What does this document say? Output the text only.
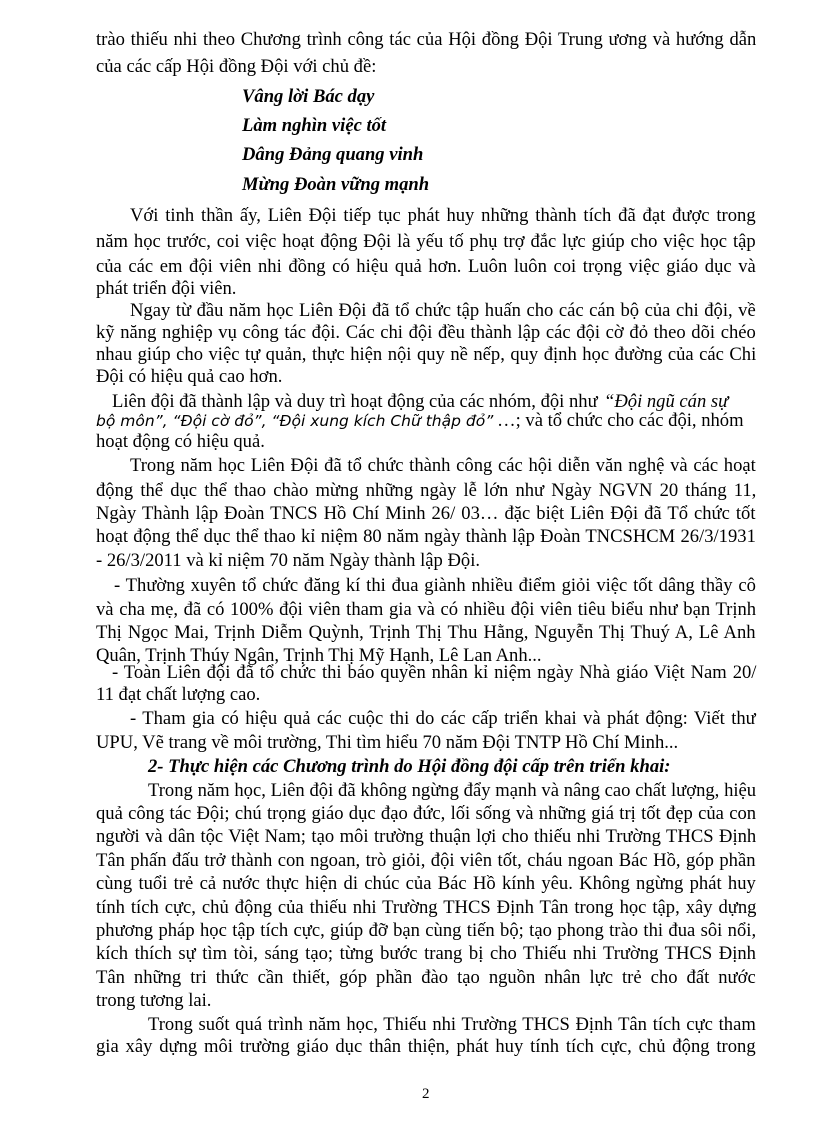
trào thiếu nhi theo Chương trình công tác của Hội đồng Đội Trung ương và hướng dẫn
của các cấp Hội đồng Đội với chủ đề:
Vâng lời Bác dạy
Làm nghìn việc tốt
Dâng Đảng quang vinh
Mừng Đoàn vững mạnh
Với tinh thần ấy, Liên Đội tiếp tục phát huy những thành tích đã đạt được trong
năm học trước, coi việc hoạt động Đội là yếu tố phụ trợ đắc lực giúp cho việc học tập
của các em đội viên nhi đồng có hiệu quả hơn. Luôn luôn coi trọng việc giáo dục và
phát triển đội viên.
Ngay từ đầu năm học Liên Đội đã tổ chức tập huấn cho các cán bộ của chi đội, về
kỹ năng nghiệp vụ công tác đội. Các chi đội đều thành lập các đội cờ đỏ theo dõi chéo
nhau giúp cho việc tự quản, thực hiện nội quy nề nếp, quy định học đường của các Chi
Đội có hiệu quả cao hơn.
hoạt động có hiệu quả.
Trong năm học Liên Đội đã tổ chức thành công các hội diễn văn nghệ và các hoạt
động thể dục thể thao chào mừng những ngày lễ lớn như Ngày NGVN 20 tháng 11,
Ngày Thành lập Đoàn TNCS Hồ Chí Minh 26/ 03… đặc biệt Liên Đội đã Tổ chức tốt
hoạt động thể dục thể thao kỉ niệm 80 năm ngày thành lập Đoàn TNCSHCM 26/3/1931
- 26/3/2011 và kỉ niệm 70 năm Ngày thành lập Đội.
- Thường xuyên tổ chức đăng kí thi đua giành nhiều điểm giỏi việc tốt dâng thầy cô
và cha mẹ, đã có 100% đội viên tham gia và có nhiều đội viên tiêu biểu như bạn Trịnh
Thị Ngọc Mai, Trịnh Diễm Quỳnh, Trịnh Thị Thu Hằng, Nguyễn Thị Thuý A, Lê Anh
Quân, Trịnh Thúy Ngân, Trịnh Thị Mỹ Hạnh, Lê Lan Anh...
- Toàn Liên đội đã tổ chức thi báo quyền nhân kỉ niệm ngày Nhà giáo Việt Nam 20/
11 đạt chất lượng cao.
- Tham gia có hiệu quả các cuộc thi do các cấp triển khai và phát động: Viết thư
UPU, Vẽ trang về môi trường, Thi tìm hiểu 70 năm Đội TNTP Hồ Chí Minh...
2- Thực hiện các Chương trình do Hội đồng đội cấp trên triển khai:
Trong năm học, Liên đội đã không ngừng đẩy mạnh và nâng cao chất lượng, hiệu
quả công tác Đội; chú trọng giáo dục đạo đức, lối sống và những giá trị tốt đẹp của con
người và dân tộc Việt Nam; tạo môi trường thuận lợi cho thiếu nhi Trường THCS Định
Tân phấn đấu trở thành con ngoan, trò giỏi, đội viên tốt, cháu ngoan Bác Hồ, góp phần
cùng tuổi trẻ cả nước thực hiện di chúc của Bác Hồ kính yêu. Không ngừng phát huy
tính tích cực, chủ động của thiếu nhi Trường THCS Định Tân trong học tập, xây dựng
phương pháp học tập tích cực, giúp đỡ bạn cùng tiến bộ; tạo phong trào thi đua sôi nổi,
kích thích sự tìm tòi, sáng tạo; từng bước trang bị cho Thiếu nhi Trường THCS Định
Tân những tri thức cần thiết, góp phần đào tạo nguồn nhân lực trẻ cho đất nước
trong tương lai.
Trong suốt quá trình năm học, Thiếu nhi Trường THCS Định Tân tích cực tham
gia xây dựng môi trường giáo dục thân thiện, phát huy tính tích cực, chủ động trong
Liên đội đã thành lập và duy trì hoạt động của các nhóm, đội như “Đội ngũ cán sự
bộ môn”, “Đội cờ đỏ”, “Đội xung kích Chữ thập đỏ” …; và tổ chức cho các đội, nhóm
2
